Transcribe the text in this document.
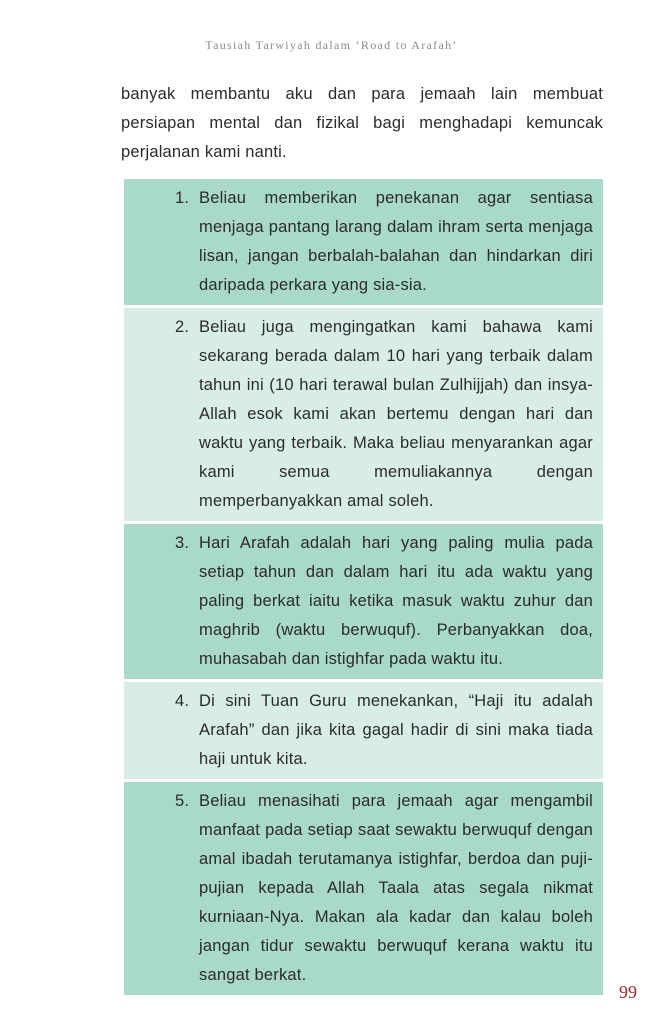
Tausiah Tarwiyah dalam ‘Road to Arafah’

banyak membantu aku dan para jemaah lain membuat persiapan mental dan fizikal bagi menghadapi kemuncak perjalanan kami nanti.

1. Beliau memberikan penekanan agar sentiasa menjaga pantang larang dalam ihram serta menjaga lisan, jangan berbalah-balahan dan hindarkan diri daripada perkara yang sia-sia.
2. Beliau juga mengingatkan kami bahawa kami sekarang berada dalam 10 hari yang terbaik dalam tahun ini (10 hari terawal bulan Zulhijjah) dan insya-Allah esok kami akan bertemu dengan hari dan waktu yang terbaik. Maka beliau menyarankan agar kami semua memuliakannya dengan memperbanyakkan amal soleh.
3. Hari Arafah adalah hari yang paling mulia pada setiap tahun dan dalam hari itu ada waktu yang paling berkat iaitu ketika masuk waktu zuhur dan maghrib (waktu berwuquf). Perbanyakkan doa, muhasabah dan istighfar pada waktu itu.
4. Di sini Tuan Guru menekankan, “Haji itu adalah Arafah” dan jika kita gagal hadir di sini maka tiada haji untuk kita.
5. Beliau menasihati para jemaah agar mengambil manfaat pada setiap saat sewaktu berwuquf dengan amal ibadah terutamanya istighfar, berdoa dan puji-pujian kepada Allah Taala atas segala nikmat kurniaan-Nya. Makan ala kadar dan kalau boleh jangan tidur sewaktu berwuquf kerana waktu itu sangat berkat.
99
